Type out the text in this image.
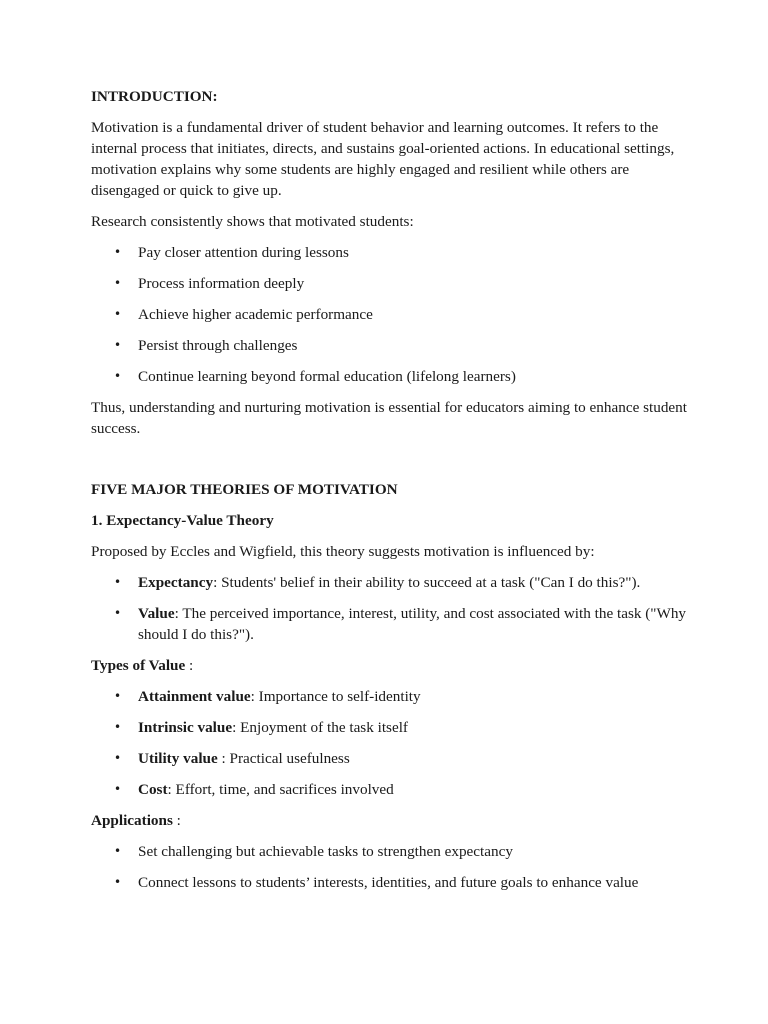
INTRODUCTION:

Motivation is a fundamental driver of student behavior and learning outcomes. It refers to the internal process that initiates, directs, and sustains goal-oriented actions. In educational settings, motivation explains why some students are highly engaged and resilient while others are disengaged or quick to give up.

Research consistently shows that motivated students:

• Pay closer attention during lessons
• Process information deeply
• Achieve higher academic performance
• Persist through challenges
• Continue learning beyond formal education (lifelong learners)

Thus, understanding and nurturing motivation is essential for educators aiming to enhance student success.

FIVE MAJOR THEORIES OF MOTIVATION
1. Expectancy-Value Theory

Proposed by Eccles and Wigfield, this theory suggests motivation is influenced by:

• Expectancy: Students' belief in their ability to succeed at a task ("Can I do this?").
• Value: The perceived importance, interest, utility, and cost associated with the task ("Why should I do this?").

Types of Value :

• Attainment value: Importance to self-identity
• Intrinsic value: Enjoyment of the task itself
• Utility value : Practical usefulness
• Cost: Effort, time, and sacrifices involved

Applications :

• Set challenging but achievable tasks to strengthen expectancy
• Connect lessons to students’ interests, identities, and future goals to enhance value
